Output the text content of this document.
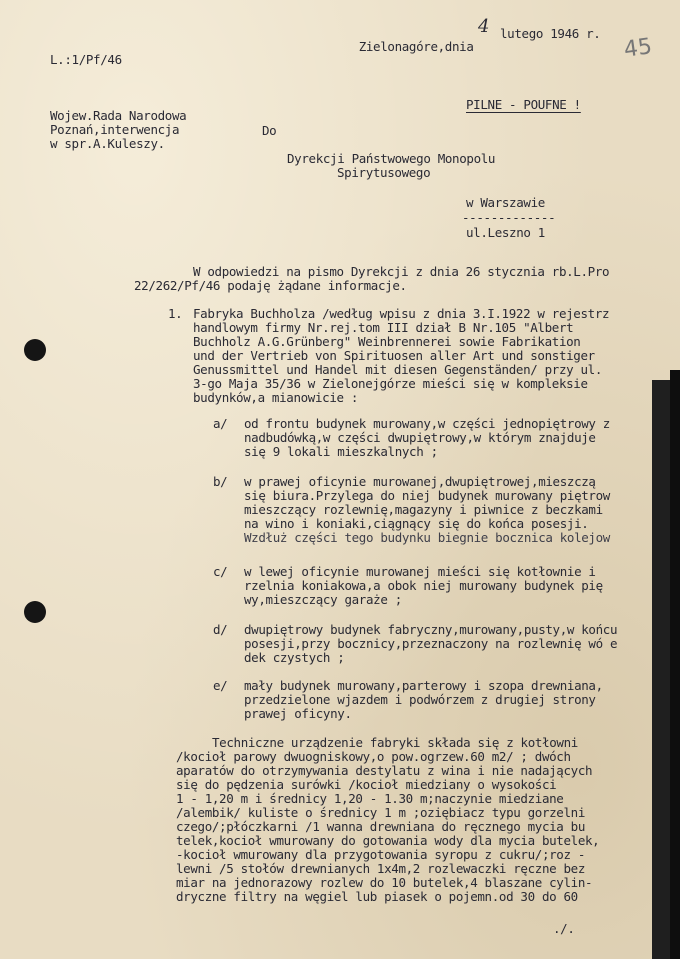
45

Zielonagóre,dnia

4 lutego 1946 r.
L.:1/Pf/46
Wojew.Rada Narodowa
Poznań,interwencja
w spr.A.Kuleszy.
Do
PILNE - POUFNE !
Dyrekcji Państwowego Monopolu
Spirytusowego
w Warszawie
-------------
ul.Leszno 1
W odpowiedzi na pismo Dyrekcji z dnia 26 stycznia rb.L.Pro
22/262/Pf/46 podaję żądane informacje.
1. Fabryka Buchholza /według wpisu z dnia 3.I.1922 w rejestrz
handlowym firmy Nr.rej.tom III dział B Nr.105 "Albert
Buchholz A.G.Grünberg" Weinbrennerei sowie Fabrikation
und der Vertrieb von Spirituosen aller Art und sonstiger
Genussmittel und Handel mit diesen Gegenständen/ przy ul.
3-go Maja 35/36 w Zielonejgórze mieści się w kompleksie
budynków,a mianowicie :
a/ od frontu budynek murowany,w części jednopiętrowy z
nadbudówką,w części dwupiętrowy,w którym znajduje
się 9 lokali mieszkalnych ;
b/ w prawej oficynie murowanej,dwupiętrowej,mieszczą
się biura.Przylega do niej budynek murowany piętrow
mieszczący rozlewnię,magazyny i piwnice z beczkami
na wino i koniaki,ciągnący się do końca posesji.
Wzdłuż części tego budynku biegnie bocznica kolejow
c/ w lewej oficynie murowanej mieści się kotłownie i
rzelnia koniakowa,a obok niej murowany budynek pię
wy,mieszczący garaże ;
d/ dwupiętrowy budynek fabryczny,murowany,pusty,w końcu
posesji,przy bocznicy,przeznaczony na rozlewnię wó e
dek czystych ;
e/ mały budynek murowany,parterowy i szopa drewniana,
przedzielone wjazdem i podwórzem z drugiej strony
prawej oficyny.
Techniczne urządzenie fabryki składa się z kotłowni
/kocioł parowy dwuogniskowy,o pow.ogrzew.60 m2/ ; dwóch
aparatów do otrzymywania destylatu z wina i nie nadających
się do pędzenia surówki /kocioł miedziany o wysokości
1 - 1,20 m i średnicy 1,20 - 1.30 m;naczynie miedziane
/alembik/ kuliste o średnicy 1 m ;oziębiacz typu gorzelni
czego/;płóczkarni /1 wanna drewniana do ręcznego mycia bu
telek,kocioł wmurowany do gotowania wody dla mycia butelek,
-kocioł wmurowany dla przygotowania syropu z cukru/;roz -
lewni /5 stołów drewnianych 1x4m,2 rozlewaczki ręczne bez
miar na jednorazowy rozlew do 10 butelek,4 blaszane cylin-
dryczne filtry na węgiel lub piasek o pojemn.od 30 do 60
./.
